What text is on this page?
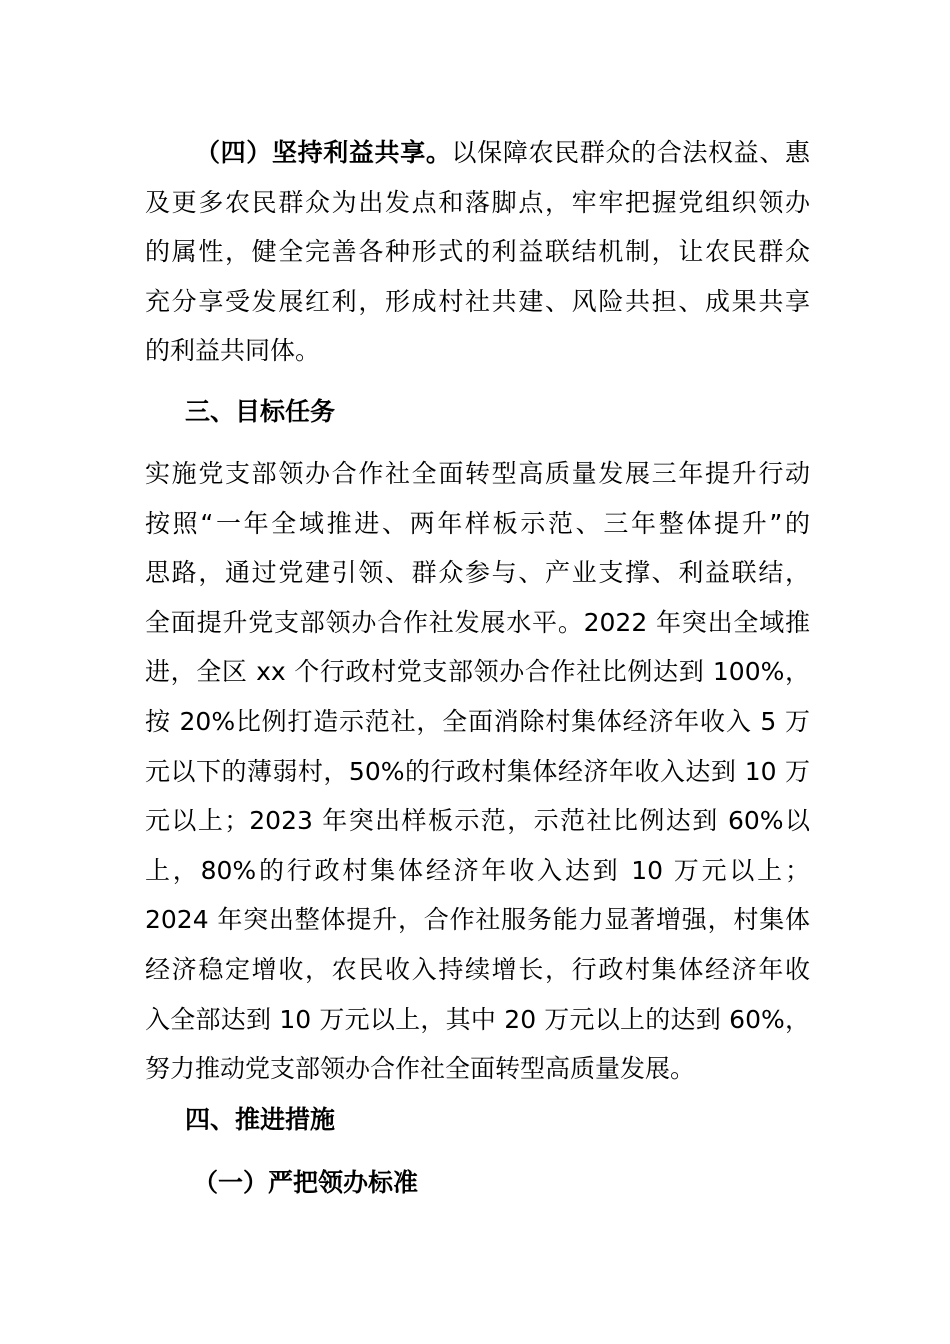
（四）坚持利益共享。以保障农民群众的合法权益、惠
及更多农民群众为出发点和落脚点，牢牢把握党组织领办
的属性，健全完善各种形式的利益联结机制，让农民群众
充分享受发展红利，形成村社共建、风险共担、成果共享
的利益共同体。
三、目标任务
实施党支部领办合作社全面转型高质量发展三年提升行动
按照“一年全域推进、两年样板示范、三年整体提升”的
思路，通过党建引领、群众参与、产业支撑、利益联结，
全面提升党支部领办合作社发展水平。2022 年突出全域推
进，全区 xx 个行政村党支部领办合作社比例达到 100%，
按 20%比例打造示范社，全面消除村集体经济年收入 5 万
元以下的薄弱村，50%的行政村集体经济年收入达到 10 万
元以上；2023 年突出样板示范，示范社比例达到 60%以
上，80%的行政村集体经济年收入达到 10 万元以上；
2024 年突出整体提升，合作社服务能力显著增强，村集体
经济稳定增收，农民收入持续增长，行政村集体经济年收
入全部达到 10 万元以上，其中 20 万元以上的达到 60%，
努力推动党支部领办合作社全面转型高质量发展。
四、推进措施
（一）严把领办标准
